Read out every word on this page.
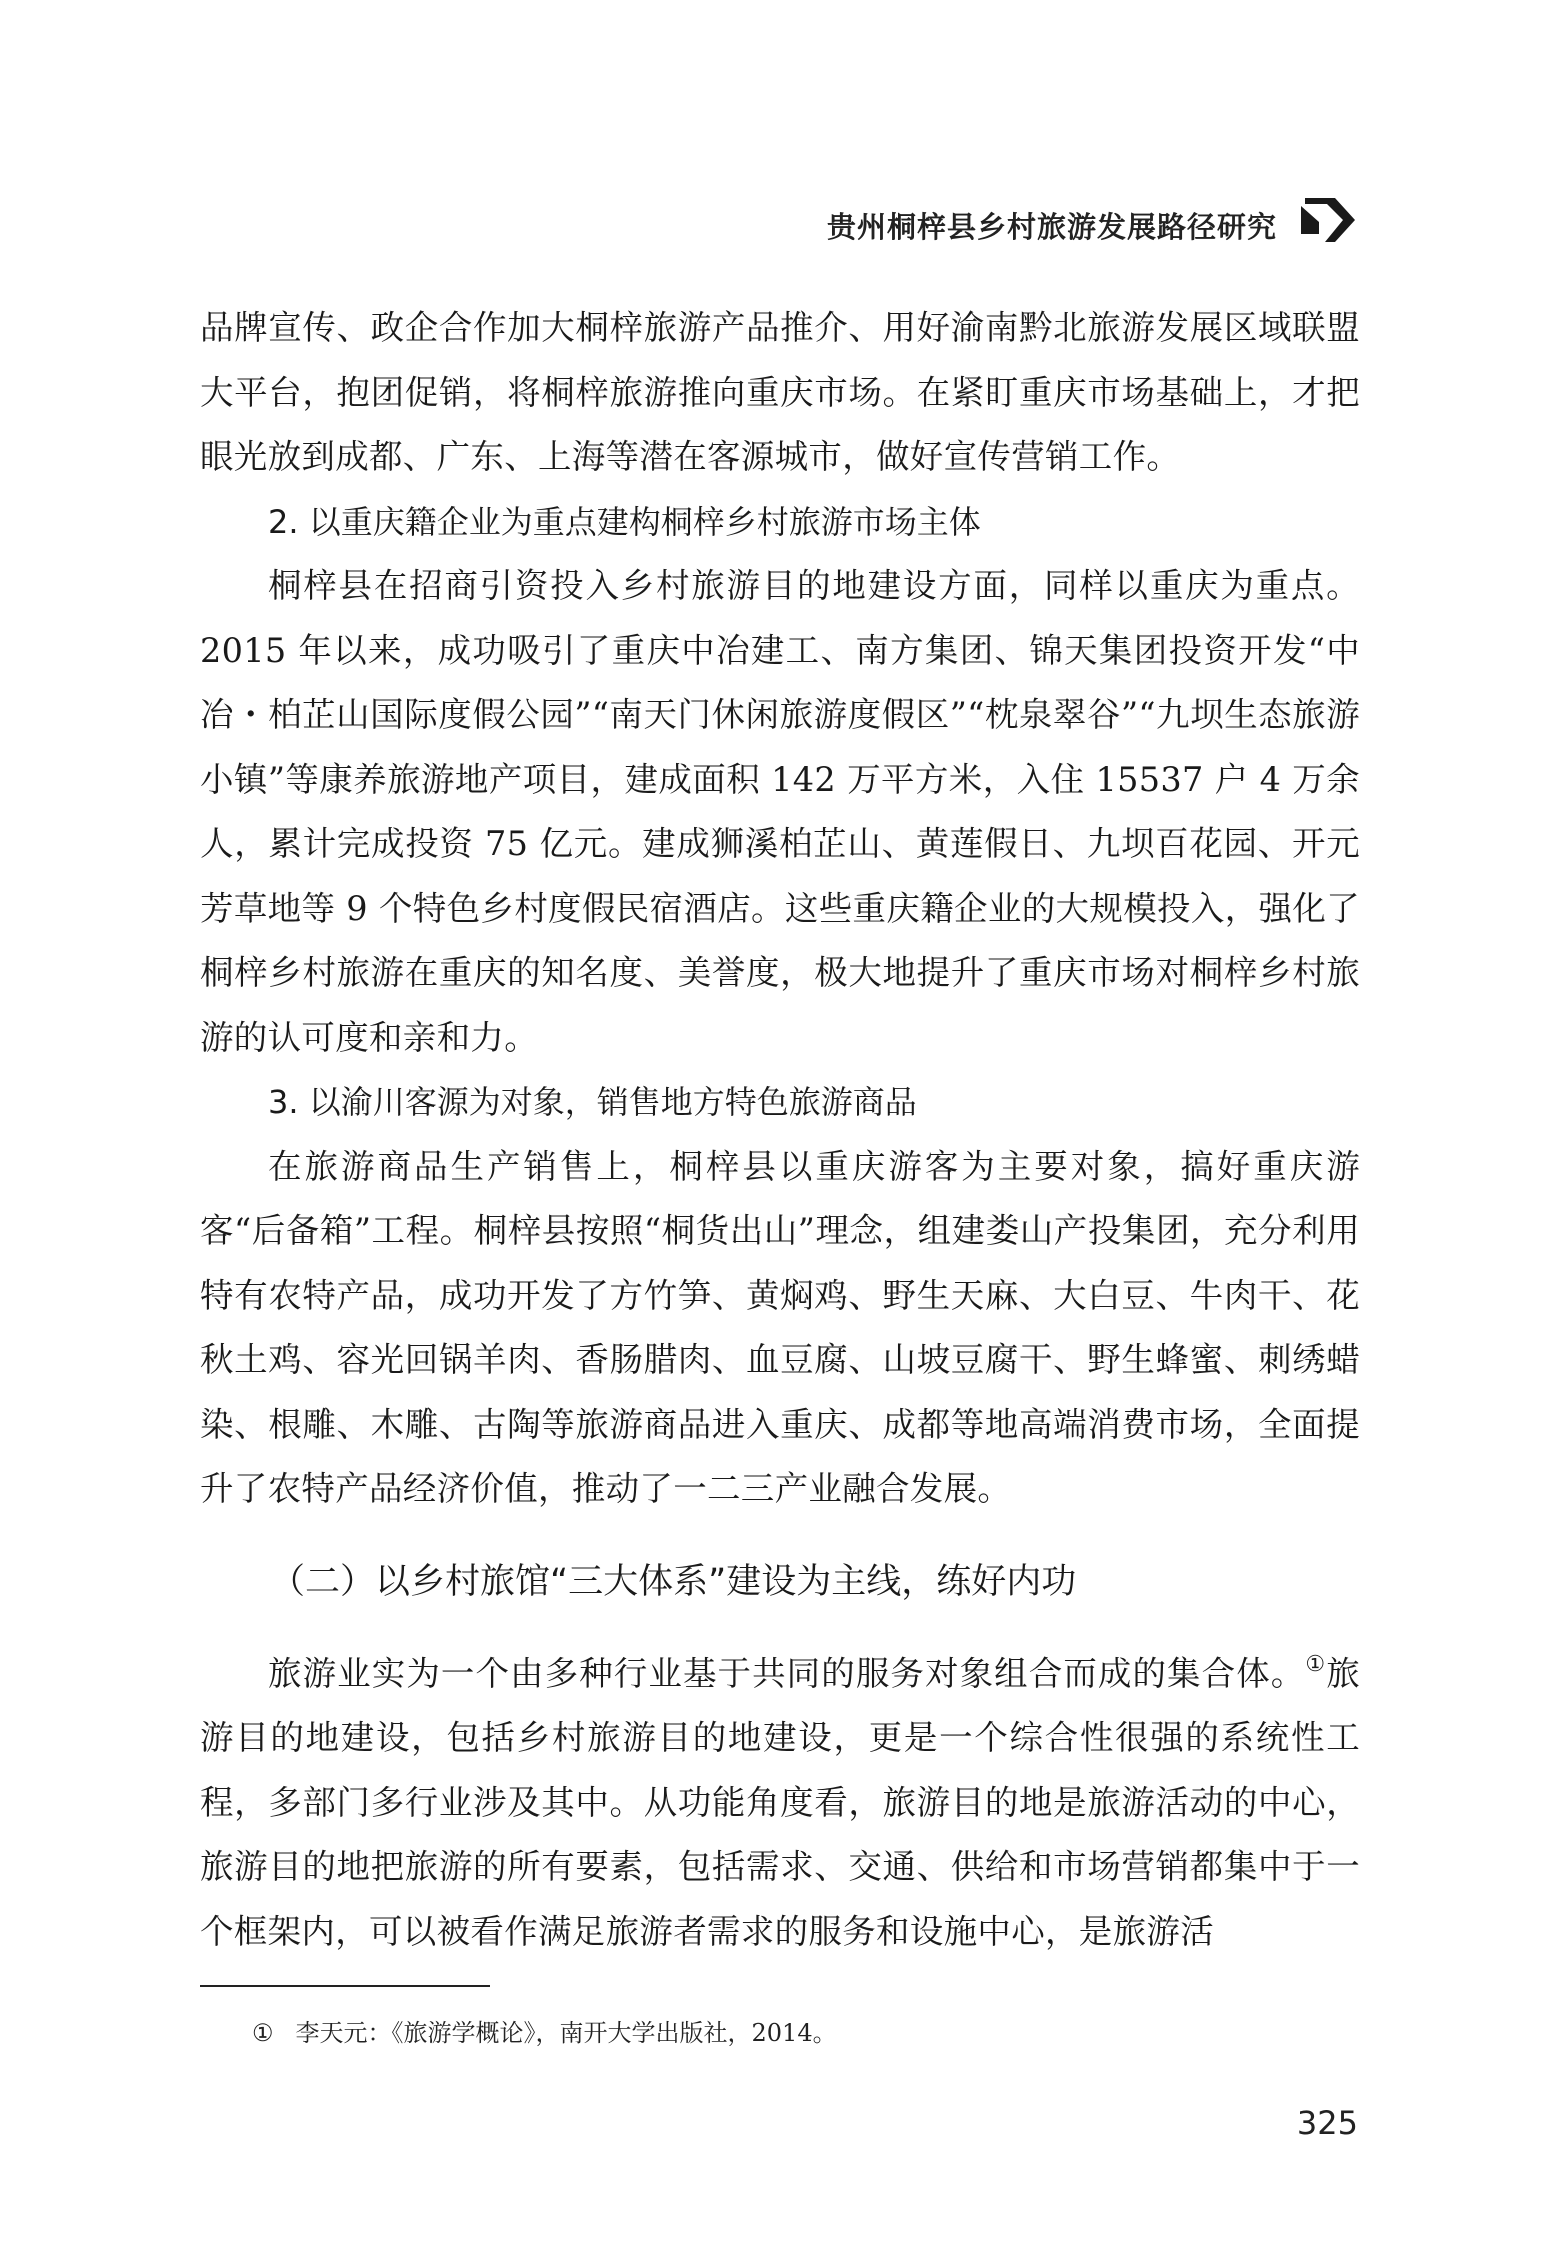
贵州桐梓县乡村旅游发展路径研究

品牌宣传、政企合作加大桐梓旅游产品推介、用好渝南黔北旅游发展区域联盟大平台，抱团促销，将桐梓旅游推向重庆市场。在紧盯重庆市场基础上，才把眼光放到成都、广东、上海等潜在客源城市，做好宣传营销工作。

2. 以重庆籍企业为重点建构桐梓乡村旅游市场主体

桐梓县在招商引资投入乡村旅游目的地建设方面，同样以重庆为重点。2015 年以来，成功吸引了重庆中冶建工、南方集团、锦天集团投资开发“中冶・柏芷山国际度假公园”“南天门休闲旅游度假区”“枕泉翠谷”“九坝生态旅游小镇”等康养旅游地产项目，建成面积 142 万平方米，入住 15537 户 4 万余人，累计完成投资 75 亿元。建成狮溪柏芷山、黄莲假日、九坝百花园、开元芳草地等 9 个特色乡村度假民宿酒店。这些重庆籍企业的大规模投入，强化了桐梓乡村旅游在重庆的知名度、美誉度，极大地提升了重庆市场对桐梓乡村旅游的认可度和亲和力。

3. 以渝川客源为对象，销售地方特色旅游商品

在旅游商品生产销售上，桐梓县以重庆游客为主要对象，搞好重庆游客“后备箱”工程。桐梓县按照“桐货出山”理念，组建娄山产投集团，充分利用特有农特产品，成功开发了方竹笋、黄焖鸡、野生天麻、大白豆、牛肉干、花秋土鸡、容光回锅羊肉、香肠腊肉、血豆腐、山坡豆腐干、野生蜂蜜、刺绣蜡染、根雕、木雕、古陶等旅游商品进入重庆、成都等地高端消费市场，全面提升了农特产品经济价值，推动了一二三产业融合发展。

（二）以乡村旅馆“三大体系”建设为主线，练好内功

旅游业实为一个由多种行业基于共同的服务对象组合而成的集合体。①旅游目的地建设，包括乡村旅游目的地建设，更是一个综合性很强的系统性工程，多部门多行业涉及其中。从功能角度看，旅游目的地是旅游活动的中心，旅游目的地把旅游的所有要素，包括需求、交通、供给和市场营销都集中于一个框架内，可以被看作满足旅游者需求的服务和设施中心，是旅游活

① 李天元：《旅游学概论》，南开大学出版社，2014。
325
